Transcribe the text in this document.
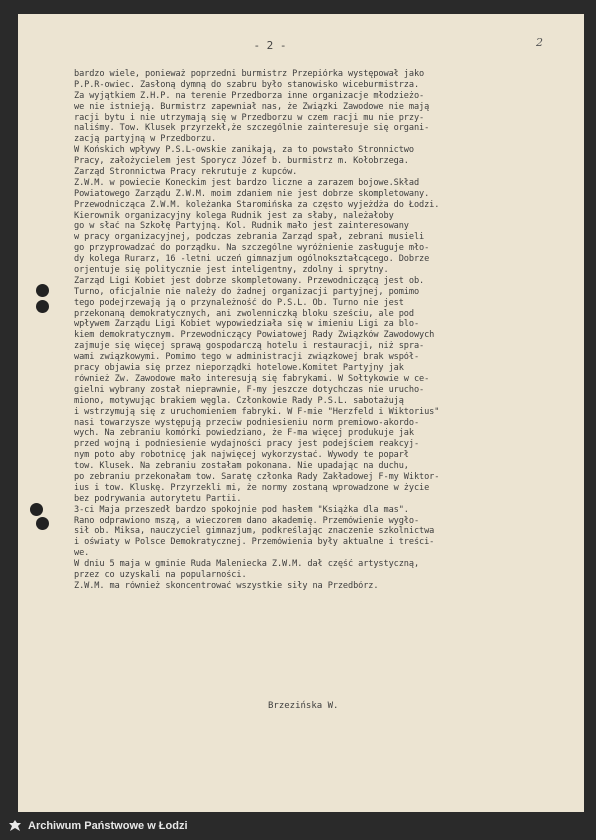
- 2 -	2
bardzo wiele, ponieważ poprzedni burmistrz Przepiórka występował jako
P.P.R-owiec. Zasłoną dymną do szabru było stanowisko wiceburmistrza.
Za wyjątkiem Z.H.P. na terenie Przedborza inne organizacje młodzieżo-
we nie istnieją. Burmistrz zapewniał nas, że Związki Zawodowe nie mają
racji bytu i nie utrzymają się w Przedborzu w czem racji mu nie przy-
naliśmy. Tow. Klusek przyrzekł,że szczególnie zainteresuje się organi-
zacją partyjną w Przedborzu.
W Końskich wpływy P.S.L-owskie zanikają, za to powstało Stronnictwo
Pracy, założycielem jest Sporycz Józef b. burmistrz m. Kołobrzega.
Zarząd Stronnictwa Pracy rekrutuje z kupców.
Z.W.M. w powiecie Koneckim jest bardzo liczne a zarazem bojowe.Skład
Powiatowego Zarządu Z.W.M. moim zdaniem nie jest dobrze skompletowany.
Przewodnicząca Z.W.M. koleżanka Staromińska za często wyjeżdża do Łodzi.
Kierownik organizacyjny kolega Rudnik jest za słaby, należałoby
go w słać na Szkołę Partyjną. Kol. Rudnik mało jest zainteresowany
w pracy organizacyjnej, podczas zebrania Zarząd spał, zebrani musieli
go przyprowadzać do porządku. Na szczególne wyróżnienie zasługuje mło-
dy kolega Rurarz, 16 -letni uczeń gimnazjum ogólnokształcącego. Dobrze
orjentuje się politycznie jest inteligentny, zdolny i sprytny.
Zarząd Ligi Kobiet jest dobrze skompletowany. Przewodniczącą jest ob.
Turno, oficjalnie nie należy do żadnej organizacji partyjnej, pomimo
tego podejrzewają ją o przynależność do P.S.L. Ob. Turno nie jest
przekonaną demokratycznych, ani zwolenniczką bloku sześciu, ale pod
wpływem Zarządu Ligi Kobiet wypowiedziała się w imieniu Ligi za blo-
kiem demokratycznym. Przewodniczący Powiatowej Rady Związków Zawodowych
zajmuje się więcej sprawą gospodarczą hotelu i restauracji, niż spra-
wami związkowymi. Pomimo tego w administracji związkowej brak współ-
pracy objawia się przez nieporządki hotelowe.Komitet Partyjny jak
również Zw. Zawodowe mało interesują się fabrykami. W Sołtykowie w ce-
gielni wybrany został nieprawnie, F-my jeszcze dotychczas nie urucho-
miono, motywując brakiem węgla. Członkowie Rady P.S.L. sabotażują
i wstrzymują się z uruchomieniem fabryki. W F-mie "Herzfeld i Wiktorius"
nasi towarzysze występują przeciw podniesieniu norm premiowo-akordo-
wych. Na zebraniu komórki powiedziano, że F-ma więcej produkuje jak
przed wojną i podniesienie wydajności pracy jest podejściem reakcyj-
nym poto aby robotnicę jak najwięcej wykorzystać. Wywody te poparł
tow. Klusek. Na zebraniu zostałam pokonana. Nie upadając na duchu,
po zebraniu przekonałam tow. Saratę członka Rady Zakładowej F-my Wiktor-
ius i tow. Kluskę. Przyrzekli mi, że normy zostaną wprowadzone w życie
bez podrywania autorytetu Partii.
3-ci Maja przeszedł bardzo spokojnie pod hasłem "Książka dla mas".
Rano odprawiono mszą, a wieczorem dano akademię. Przemówienie wygło-
sił ob. Miksa, nauczyciel gimnazjum, podkreślając znaczenie szkolnictwa
i oświaty w Polsce Demokratycznej. Przemówienia były aktualne i treści-
we.
W dniu 5 maja w gminie Ruda Maleniecka Z.W.M. dał część artystyczną,
przez co uzyskali na popularności.
Z.W.M. ma również skoncentrować wszystkie siły na Przedbórz.
Brzezińska W.
Archiwum Państwowe w Łodzi
